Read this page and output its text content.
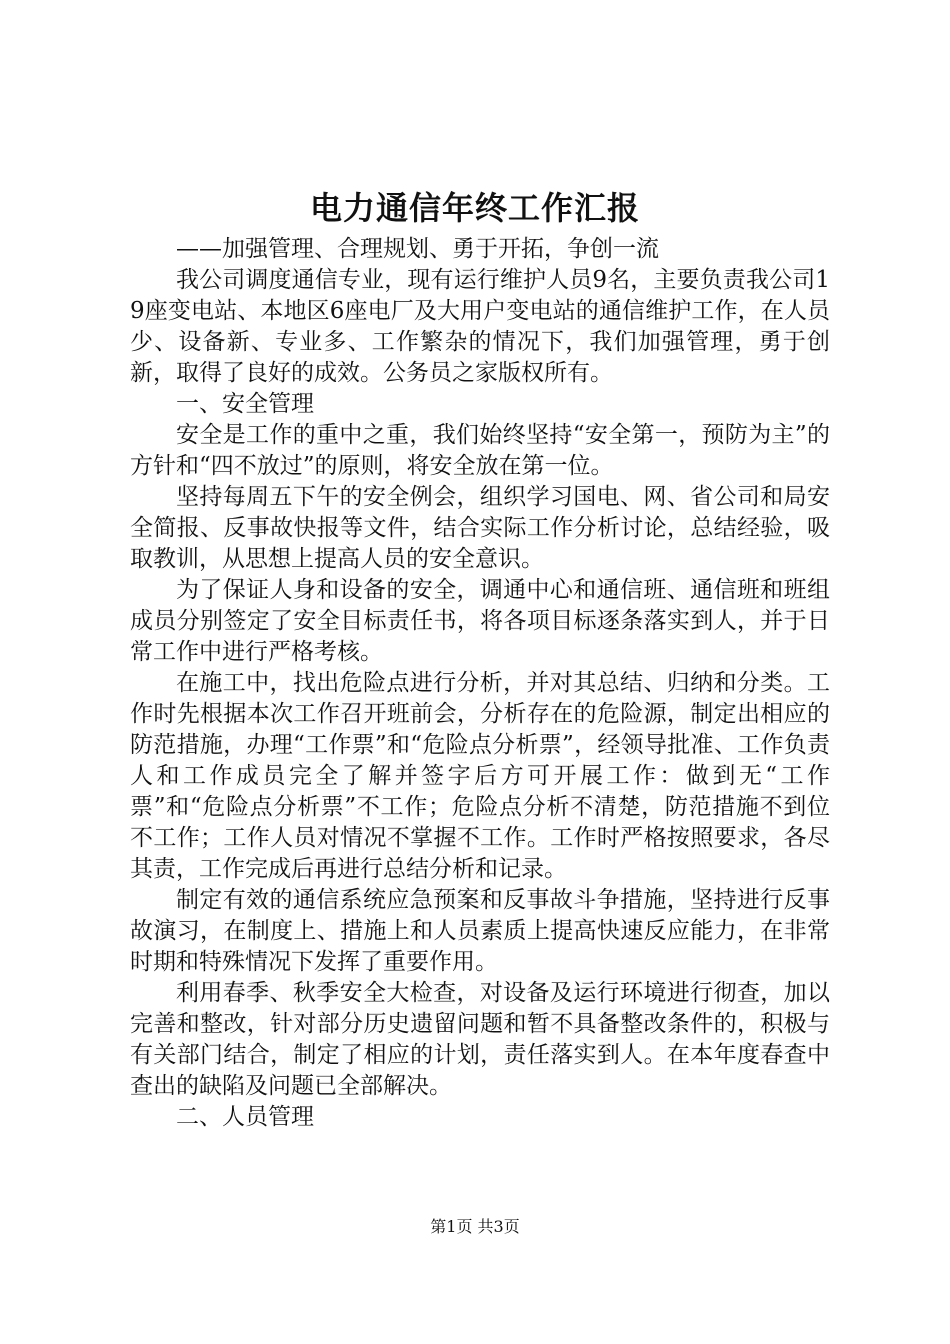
电力通信年终工作汇报

——加强管理、合理规划、勇于开拓，争创一流

我公司调度通信专业，现有运行维护人员9名，主要负责我公司19座变电站、本地区6座电厂及大用户变电站的通信维护工作，在人员少、设备新、专业多、工作繁杂的情况下，我们加强管理，勇于创新，取得了良好的成效。公务员之家版权所有。

一、安全管理

安全是工作的重中之重，我们始终坚持“安全第一，预防为主”的方针和“四不放过”的原则，将安全放在第一位。

坚持每周五下午的安全例会，组织学习国电、网、省公司和局安全简报、反事故快报等文件，结合实际工作分析讨论，总结经验，吸取教训，从思想上提高人员的安全意识。

为了保证人身和设备的安全，调通中心和通信班、通信班和班组成员分别签定了安全目标责任书，将各项目标逐条落实到人，并于日常工作中进行严格考核。

在施工中，找出危险点进行分析，并对其总结、归纳和分类。工作时先根据本次工作召开班前会，分析存在的危险源，制定出相应的防范措施，办理“工作票”和“危险点分析票”，经领导批准、工作负责人和工作成员完全了解并签字后方可开展工作：做到无“工作票”和“危险点分析票”不工作；危险点分析不清楚，防范措施不到位不工作；工作人员对情况不掌握不工作。工作时严格按照要求，各尽其责，工作完成后再进行总结分析和记录。

制定有效的通信系统应急预案和反事故斗争措施，坚持进行反事故演习，在制度上、措施上和人员素质上提高快速反应能力，在非常时期和特殊情况下发挥了重要作用。

利用春季、秋季安全大检查，对设备及运行环境进行彻查，加以完善和整改，针对部分历史遗留问题和暂不具备整改条件的，积极与有关部门结合，制定了相应的计划，责任落实到人。在本年度春查中查出的缺陷及问题已全部解决。

二、人员管理

第1页 共3页
